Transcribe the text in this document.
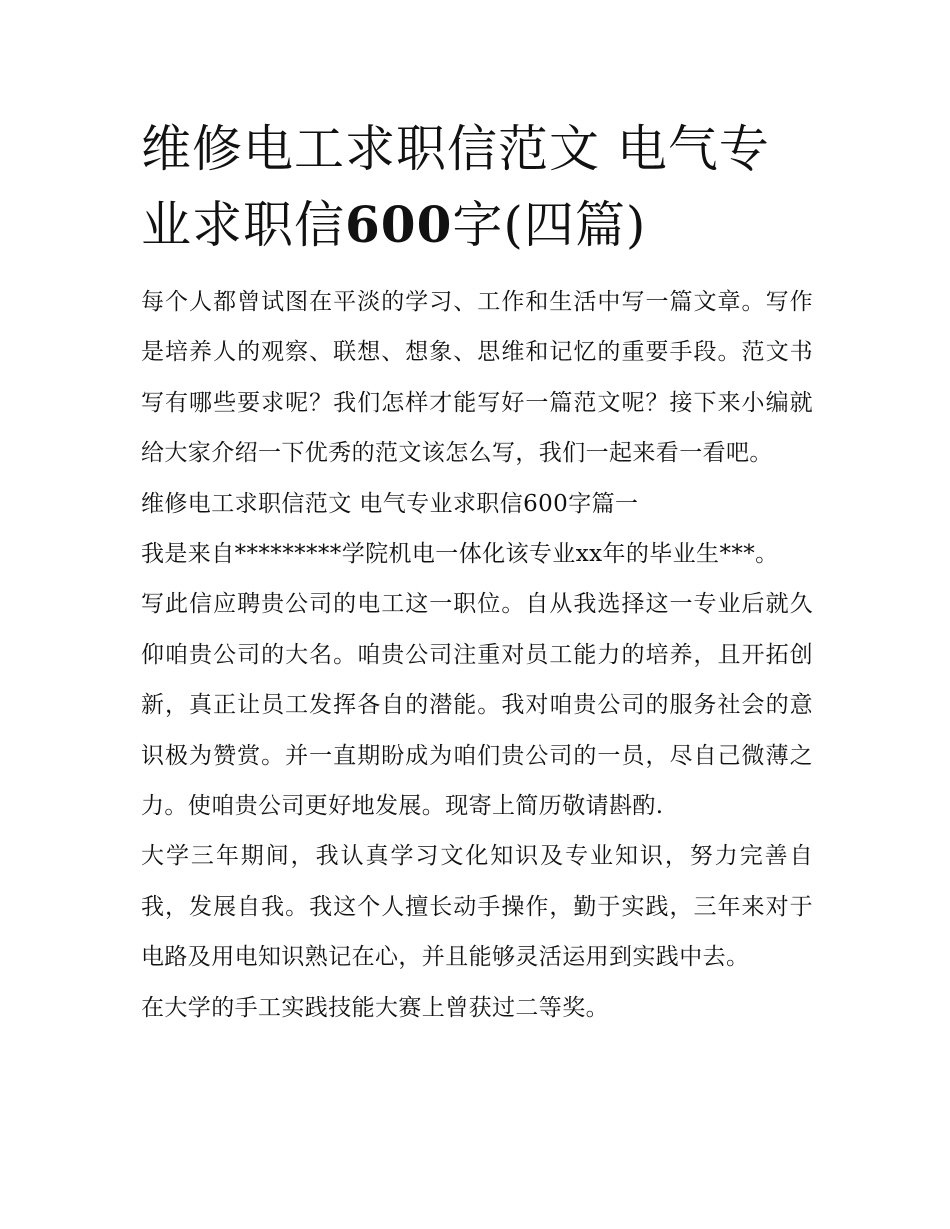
维修电工求职信范文 电气专业求职信600字(四篇)

每个人都曾试图在平淡的学习、工作和生活中写一篇文章。写作是培养人的观察、联想、想象、思维和记忆的重要手段。范文书写有哪些要求呢？我们怎样才能写好一篇范文呢？接下来小编就给大家介绍一下优秀的范文该怎么写，我们一起来看一看吧。

维修电工求职信范文 电气专业求职信600字篇一

我是来自*********学院机电一体化该专业xx年的毕业生***。

写此信应聘贵公司的电工这一职位。自从我选择这一专业后就久仰咱贵公司的大名。咱贵公司注重对员工能力的培养，且开拓创新，真正让员工发挥各自的潜能。我对咱贵公司的服务社会的意识极为赞赏。并一直期盼成为咱们贵公司的一员，尽自己微薄之力。使咱贵公司更好地发展。现寄上简历敬请斟酌.

大学三年期间，我认真学习文化知识及专业知识，努力完善自我，发展自我。我这个人擅长动手操作，勤于实践，三年来对于电路及用电知识熟记在心，并且能够灵活运用到实践中去。

在大学的手工实践技能大赛上曾获过二等奖。
